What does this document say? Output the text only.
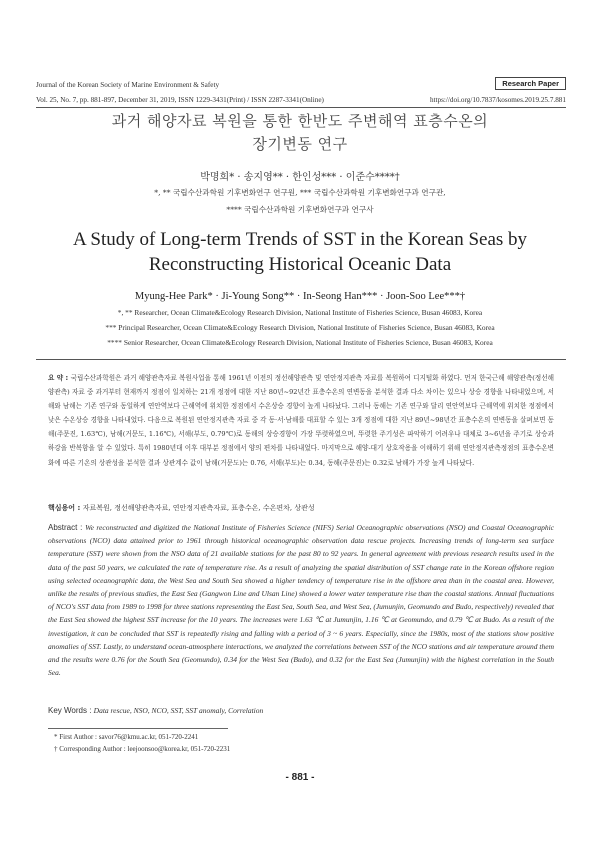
Journal of the Korean Society of Marine Environment & Safety	Research Paper
Vol. 25, No. 7, pp. 881-897, December 31, 2019, ISSN 1229-3431(Print) / ISSN 2287-3341(Online)	https://doi.org/10.7837/kosomes.2019.25.7.881
과거 해양자료 복원을 통한 한반도 주변해역 표층수온의
장기변동 연구
박명희* · 송지영** · 한인성*** · 이준수****†
*, ** 국립수산과학원 기후변화연구 연구원, *** 국립수산과학원 기후변화연구과 연구관,
**** 국립수산과학원 기후변화연구과 연구사
A Study of Long-term Trends of SST in the Korean Seas by
Reconstructing Historical Oceanic Data
Myung-Hee Park* · Ji-Young Song** · In-Seong Han*** · Joon-Soo Lee***†
*, ** Researcher, Ocean Climate&Ecology Research Division, National Institute of Fisheries Science, Busan 46083, Korea
*** Principal Researcher, Ocean Climate&Ecology Research Division, National Institute of Fisheries Science, Busan 46083, Korea
**** Senior Researcher, Ocean Climate&Ecology Research Division, National Institute of Fisheries Science, Busan 46083, Korea
요 약 : 국립수산과학원은 과거 해양관측자료 복원사업을 통해 1961년 이전의 정선해양관측 및 연안정지관측 자료를 복원하여 디지털화 하였다. 먼저 한국근해 해양관측(정선해양관측) 자료 중 과거부터 현재까지 정점이 일치하는 21개 정점에 대한 지난 80년~92년간 표층수온의 연변동을 분석한 결과 다소 차이는 있으나 상승 경향을 나타내었으며, 서해와 남해는 기존 연구와 동일하게 연안역보다 근해역에 위치한 정점에서 수온상승 경향이 높게 나타났다. 그러나 동해는 기존 연구와 달리 연안역보다 근해역에 위치한 정점에서 낮은 수온상승 경향을 나타내었다. 다음으로 복원된 연안정지관측 자료 중 각 동·서·남해를 대표할 수 있는 3개 정점에 대한 지난 89년~98년간 표층수온의 연변동을 살펴보면 동해(주문진, 1.63℃), 남해(거문도, 1.16℃), 서해(부도, 0.79℃)로 동해의 상승경향이 가장 뚜렷하였으며, 뚜렷한 주기성은 파악하기 어려우나 대체로 3~6년을 주기로 상승과 하강을 반복함을 알 수 있었다. 특히 1980년대 이후 대부분 정점에서 양의 편차를 나타내었다. 마지막으로 해양-대기 상호작용을 이해하기 위해 연안정지관측정점의 표층수온변화에 따른 기온의 상관성을 분석한 결과 상관계수 값이 남해(거문도)는 0.76, 서해(부도)는 0.34, 동해(주문진)는 0.32로 남해가 가장 높게 나타났다.
핵심용어 : 자료복원, 정선해양관측자료, 연안정지관측자료, 표층수온, 수온편차, 상관성
Abstract : We reconstructed and digitized the National Institute of Fisheries Science (NIFS) Serial Oceanographic observations (NSO) and Coastal Oceanographic observations (NCO) data attained prior to 1961 through historical oceanographic observation data rescue projects. Increasing trends of long-term sea surface temperature (SST) were shown from the NSO data of 21 available stations for the past 80 to 92 years. In general agreement with previous research results used in the data of the past 50 years, we calculated the rate of temperature rise. As a result of analyzing the spatial distribution of SST change rate in the Korean offshore region using selected oceanographic data, the West Sea and South Sea showed a higher tendency of temperature rise in the offshore area than in the coastal area. However, unlike the results of previous studies, the East Sea (Gangwon Line and Ulsan Line) showed a lower water temperature rise than the coastal stations. Annual fluctuations of NCO's SST data from 1989 to 1998 for three stations representing the East Sea, South Sea, and West Sea, (Jumunjin, Geomundo and Budo, respectively) revealed that the East Sea showed the highest SST increase for the 10 years. The increases were 1.63 ℃ at Jumunjin, 1.16 ℃ at Geomundo, and 0.79 ℃ at Budo. As a result of the investigation, it can be concluded that SST is repeatedly rising and falling with a period of 3 ~ 6 years. Especially, since the 1980s, most of the stations show positive anomalies of SST. Lastly, to understand ocean-atmosphere interactions, we analyzed the correlations between SST of the NCO stations and air temperature around them and the results were 0.76 for the South Sea (Geomundo), 0.34 for the West Sea (Budo), and 0.32 for the East Sea (Jumunjin) with the highest correlation in the South Sea.
Key Words : Data rescue, NSO, NCO, SST, SST anomaly, Correlation
* First Author : savor76@kmu.ac.kr, 051-720-2241
† Corresponding Author : leejoonsoo@korea.kr, 051-720-2231
- 881 -
